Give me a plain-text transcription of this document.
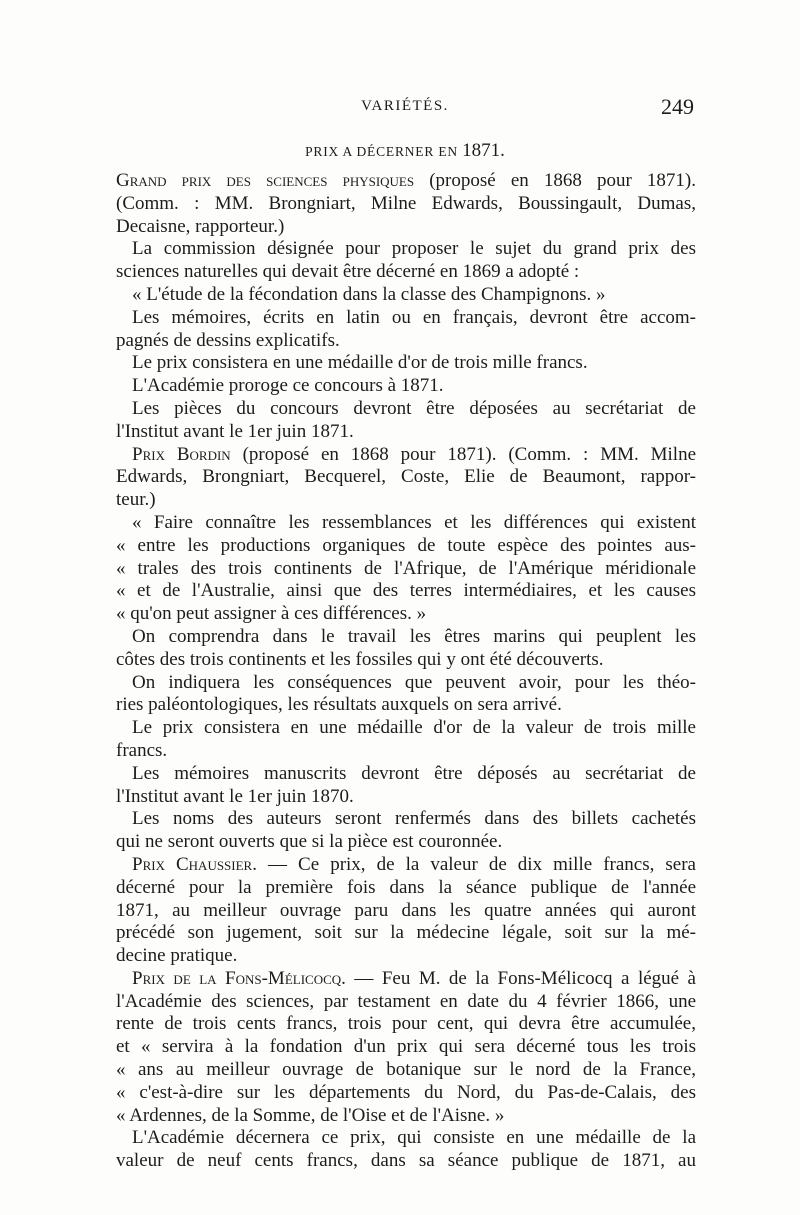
VARIÉTÉS.	249
PRIX A DÉCERNER EN 1871.
Grand prix des sciences physiques (proposé en 1868 pour 1871).
(Comm. : MM. Brongniart, Milne Edwards, Boussingault, Dumas,
Decaisne, rapporteur.)
La commission désignée pour proposer le sujet du grand prix des
sciences naturelles qui devait être décerné en 1869 a adopté :
« L'étude de la fécondation dans la classe des Champignons. »
Les mémoires, écrits en latin ou en français, devront être accom-
pagnés de dessins explicatifs.
Le prix consistera en une médaille d'or de trois mille francs.
L'Académie proroge ce concours à 1871.
Les pièces du concours devront être déposées au secrétariat de
l'Institut avant le 1er juin 1871.
Prix Bordin (proposé en 1868 pour 1871). (Comm. : MM. Milne
Edwards, Brongniart, Becquerel, Coste, Elie de Beaumont, rappor-
teur.)
« Faire connaître les ressemblances et les différences qui existent
« entre les productions organiques de toute espèce des pointes aus-
« trales des trois continents de l'Afrique, de l'Amérique méridionale
« et de l'Australie, ainsi que des terres intermédiaires, et les causes
« qu'on peut assigner à ces différences. »
On comprendra dans le travail les êtres marins qui peuplent les
côtes des trois continents et les fossiles qui y ont été découverts.
On indiquera les conséquences que peuvent avoir, pour les théo-
ries paléontologiques, les résultats auxquels on sera arrivé.
Le prix consistera en une médaille d'or de la valeur de trois mille
francs.
Les mémoires manuscrits devront être déposés au secrétariat de
l'Institut avant le 1er juin 1870.
Les noms des auteurs seront renfermés dans des billets cachetés
qui ne seront ouverts que si la pièce est couronnée.
Prix Chaussier. — Ce prix, de la valeur de dix mille francs, sera
décerné pour la première fois dans la séance publique de l'année
1871, au meilleur ouvrage paru dans les quatre années qui auront
précédé son jugement, soit sur la médecine légale, soit sur la mé-
decine pratique.
Prix de la Fons-Mélicocq. — Feu M. de la Fons-Mélicocq a légué à
l'Académie des sciences, par testament en date du 4 février 1866, une
rente de trois cents francs, trois pour cent, qui devra être accumulée,
et « servira à la fondation d'un prix qui sera décerné tous les trois
« ans au meilleur ouvrage de botanique sur le nord de la France,
« c'est-à-dire sur les départements du Nord, du Pas-de-Calais, des
« Ardennes, de la Somme, de l'Oise et de l'Aisne. »
L'Académie décernera ce prix, qui consiste en une médaille de la
valeur de neuf cents francs, dans sa séance publique de 1871, au
